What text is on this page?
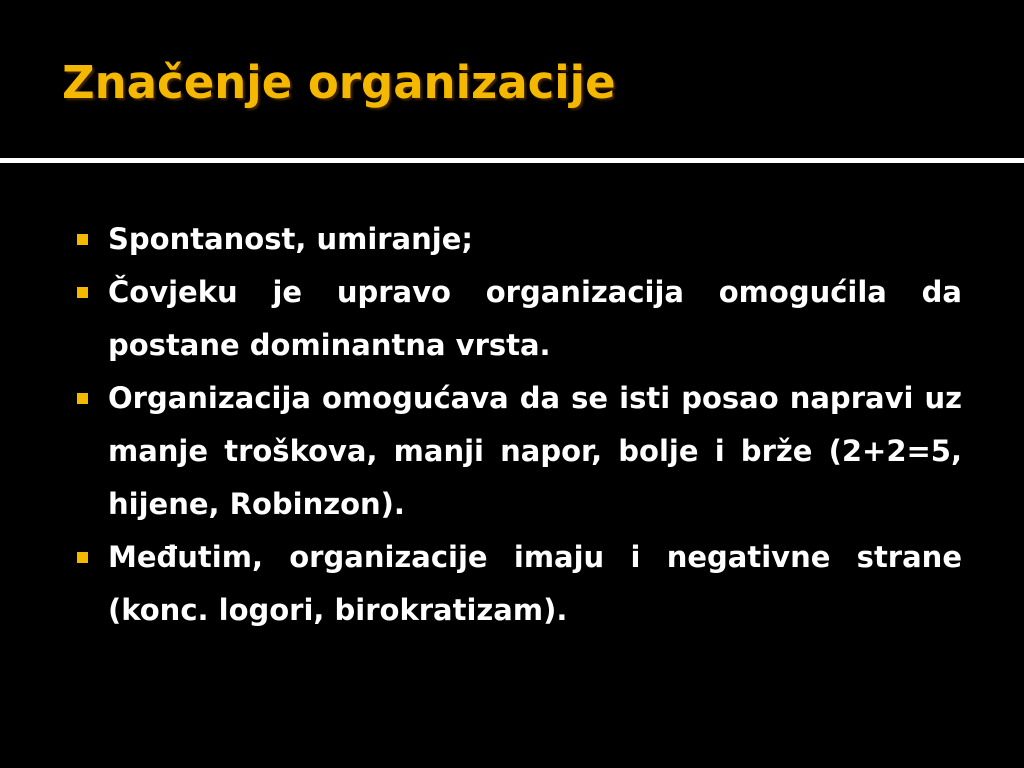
Značenje organizacije
Spontanost, umiranje;
Čovjeku je upravo organizacija omogućila da postane dominantna vrsta.
Organizacija omogućava da se isti posao napravi uz manje troškova, manji napor, bolje i brže (2+2=5, hijene, Robinzon).
Međutim, organizacije imaju i negativne strane (konc. logori, birokratizam).
